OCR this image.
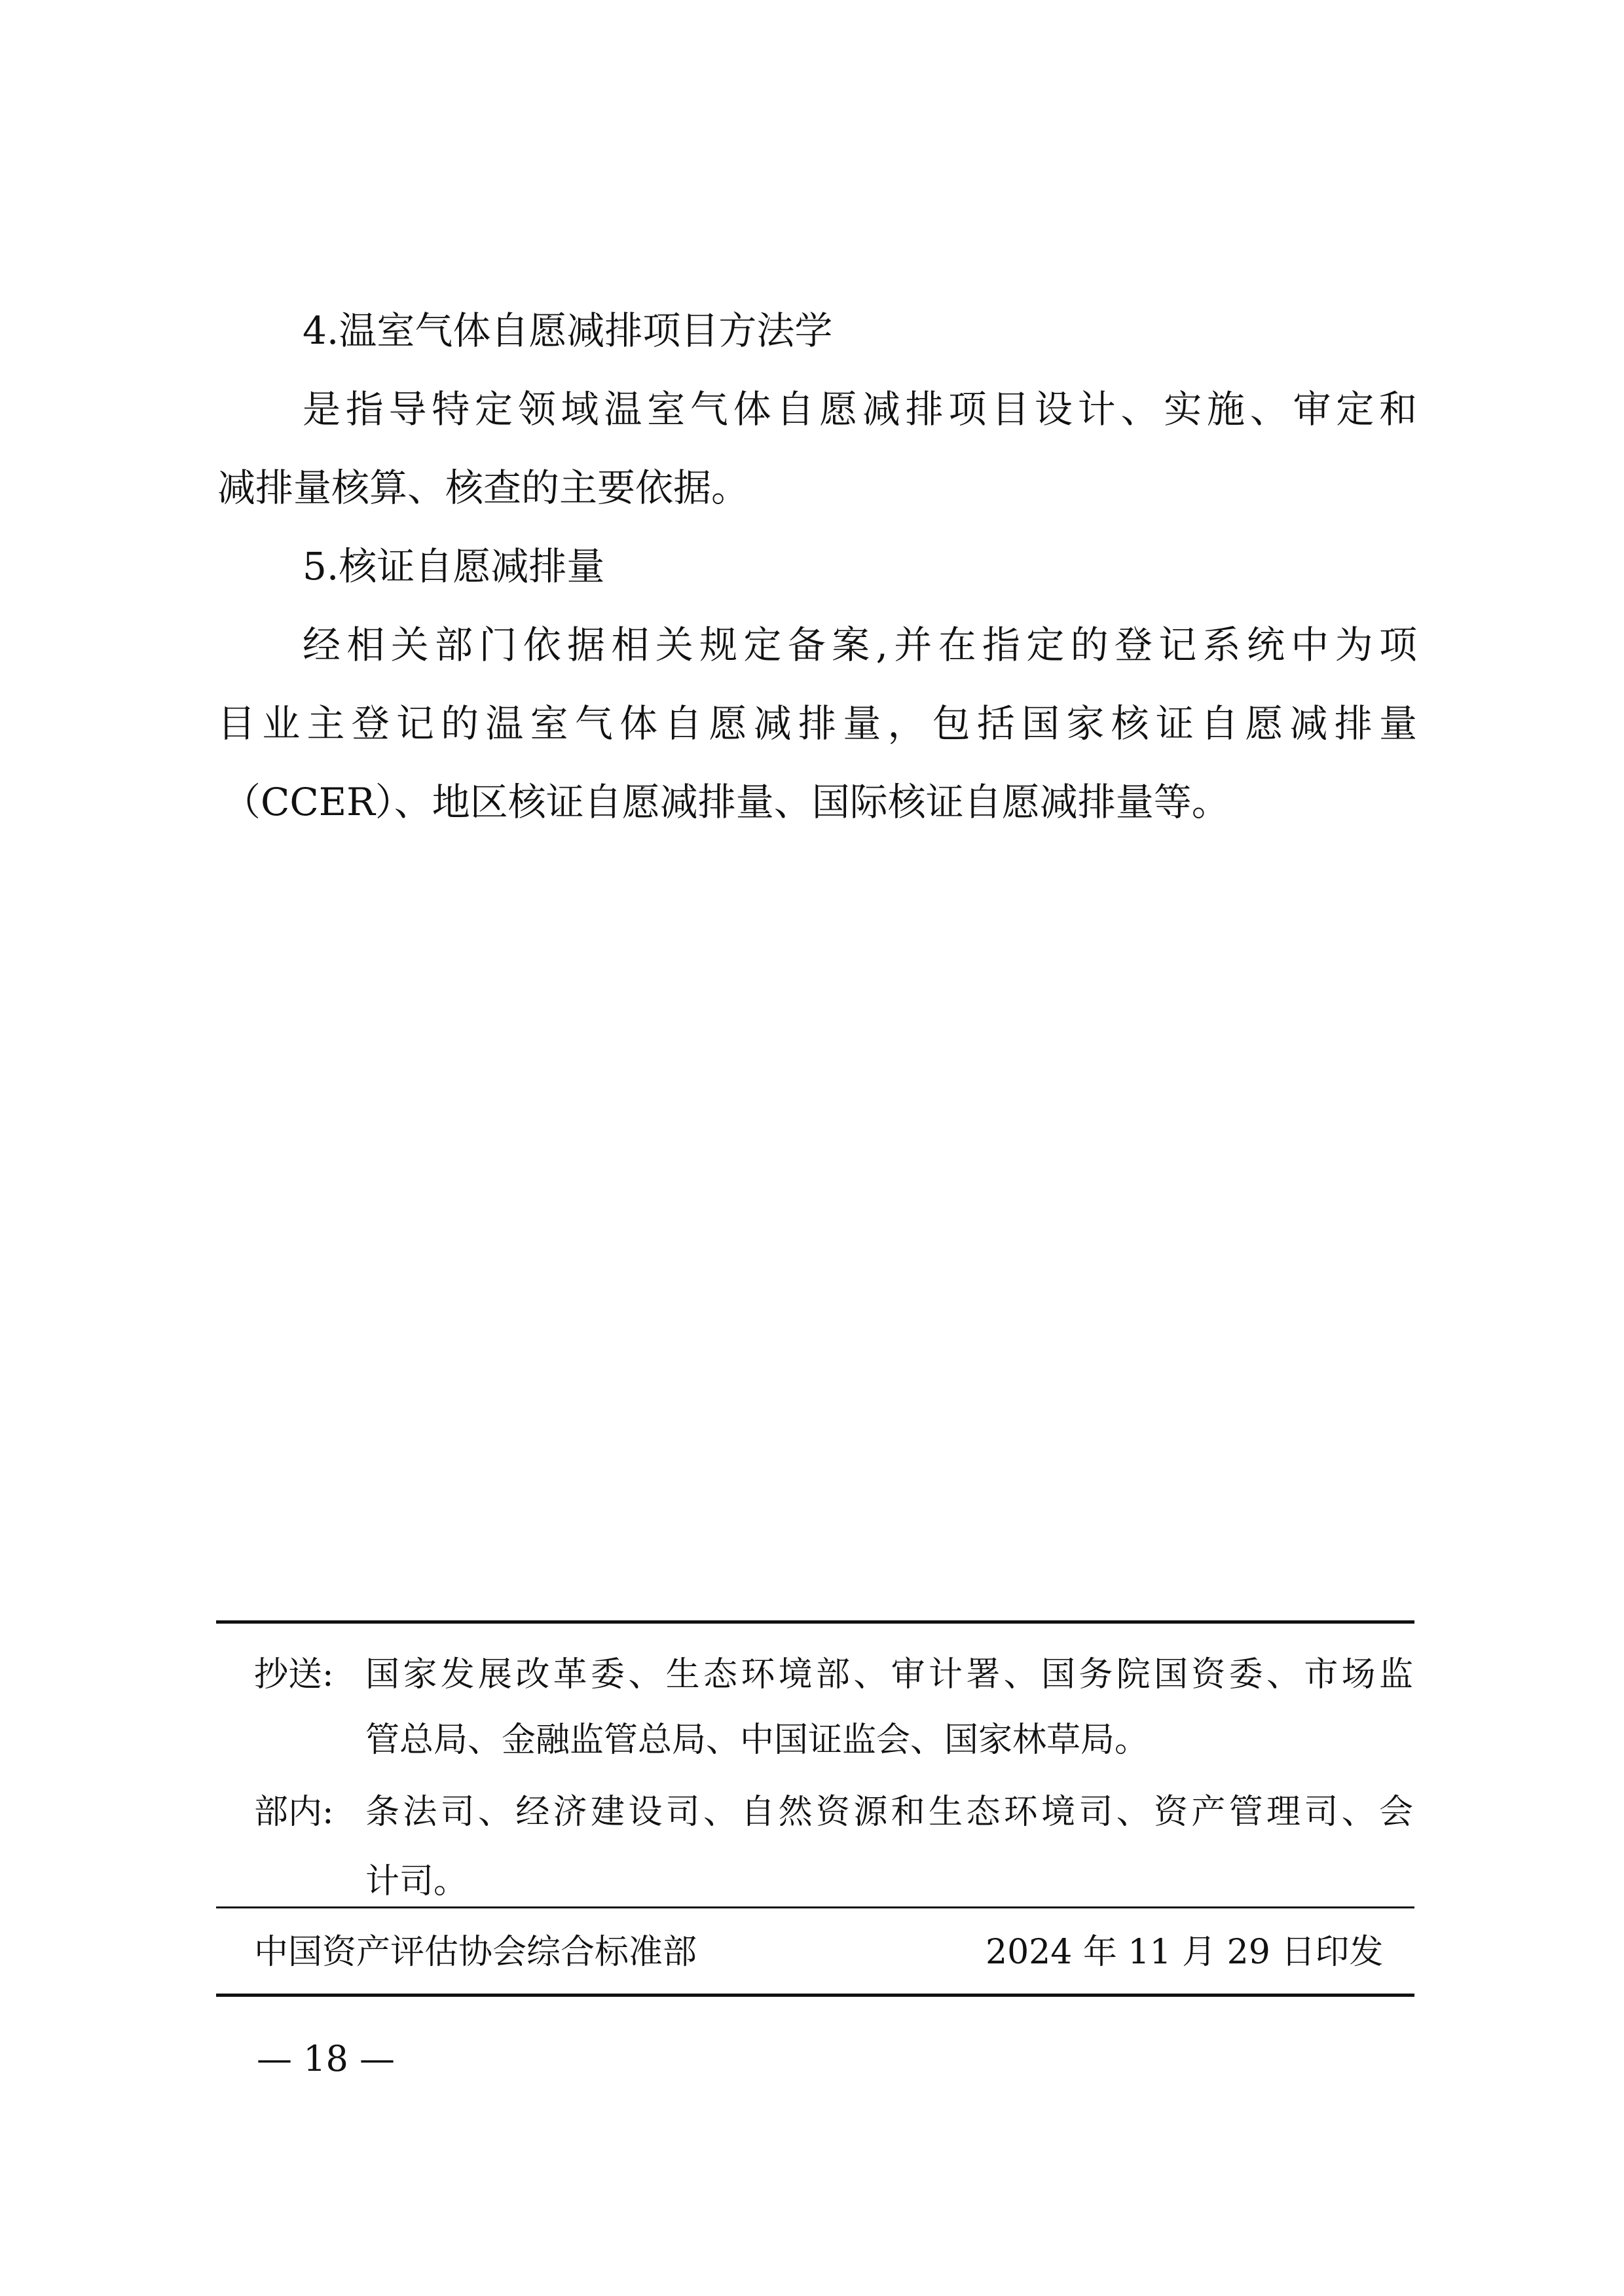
4.温室气体自愿减排项目方法学
是指导特定领域温室气体自愿减排项目设计、实施、审定和
减排量核算、核查的主要依据。
5.核证自愿减排量
经相关部门依据相关规定备案,并在指定的登记系统中为项
目业主登记的温室气体自愿减排量，包括国家核证自愿减排量
（CCER）、地区核证自愿减排量、国际核证自愿减排量等。
抄送: 国家发展改革委、生态环境部、审计署、国务院国资委、市场监
管总局、金融监管总局、中国证监会、国家林草局。
部内: 条法司、经济建设司、自然资源和生态环境司、资产管理司、会
计司。
中国资产评估协会综合标准部	2024 年 11 月 29 日印发
— 18 —
